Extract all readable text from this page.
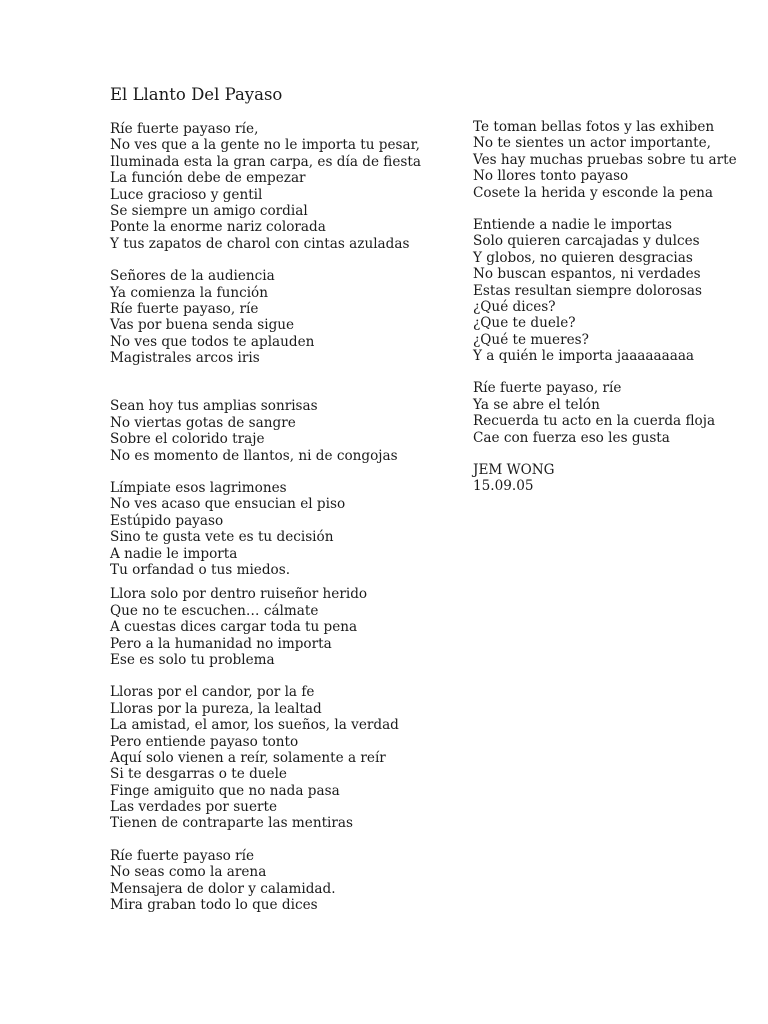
El Llanto Del Payaso
Ríe fuerte payaso ríe,
No ves que a la gente no le importa tu pesar,
Iluminada esta la gran carpa, es día de fiesta
La función debe de empezar
Luce gracioso y gentil
Se siempre un amigo cordial
Ponte la enorme nariz colorada
Y tus zapatos de charol con cintas azuladas
Señores de la audiencia
Ya comienza la función
Ríe fuerte payaso, ríe
Vas por buena senda sigue
No ves que todos te aplauden
Magistrales arcos iris
Sean hoy tus amplias sonrisas
No viertas gotas de sangre
Sobre el colorido traje
No es momento de llantos, ni de congojas
Límpiate esos lagrimones
No ves acaso que ensucian el piso
Estúpido payaso
Sino te gusta vete es tu decisión
A nadie le importa
Tu orfandad o tus miedos.
Llora solo por dentro ruiseñor herido
Que no te escuchen… cálmate
A cuestas dices cargar toda tu pena
Pero a la humanidad no importa
Ese es solo tu problema
Lloras por el candor, por la fe
Lloras por la pureza, la lealtad
La amistad, el amor, los sueños, la verdad
Pero entiende payaso tonto
Aquí solo vienen a reír, solamente a reír
Si te desgarras o te duele
Finge amiguito que no nada pasa
Las verdades por suerte
Tienen de contraparte las mentiras
Ríe fuerte payaso ríe
No seas como la arena
Mensajera de dolor y calamidad.
Mira graban todo lo que dices
Te toman bellas fotos y las exhiben
No te sientes un actor importante,
Ves hay muchas pruebas sobre tu arte
No llores tonto payaso
Cosete la herida y esconde la pena
Entiende a nadie le importas
Solo quieren carcajadas y dulces
Y globos, no quieren desgracias
No buscan espantos, ni verdades
Estas resultan siempre dolorosas
¿Qué dices?
¿Que te duele?
¿Qué te mueres?
Y a quién le importa jaaaaaaaaa
Ríe fuerte payaso, ríe
Ya se abre el telón
Recuerda tu acto en la cuerda floja
Cae con fuerza eso les gusta
JEM WONG
15.09.05
